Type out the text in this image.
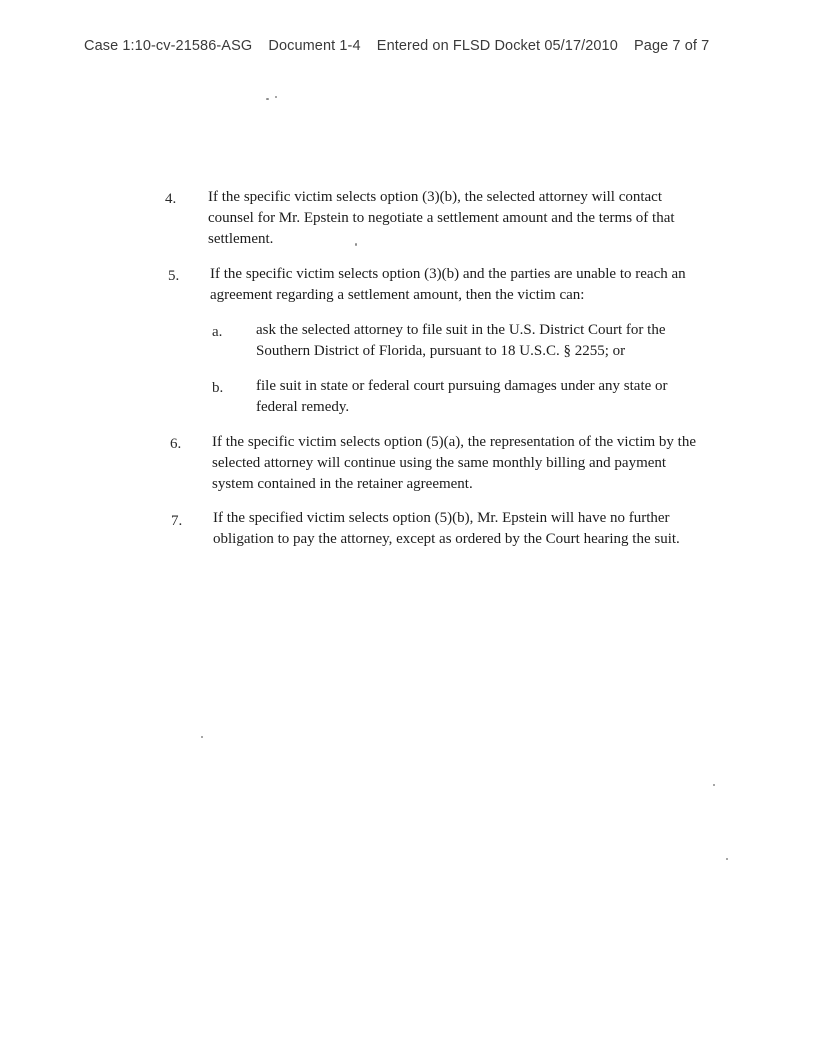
Case 1:10-cv-21586-ASG Document 1-4 Entered on FLSD Docket 05/17/2010 Page 7 of 7
4. If the specific victim selects option (3)(b), the selected attorney will contact counsel for Mr. Epstein to negotiate a settlement amount and the terms of that settlement.
5. If the specific victim selects option (3)(b) and the parties are unable to reach an agreement regarding a settlement amount, then the victim can:
a. ask the selected attorney to file suit in the U.S. District Court for the Southern District of Florida, pursuant to 18 U.S.C. § 2255; or
b. file suit in state or federal court pursuing damages under any state or federal remedy.
6. If the specific victim selects option (5)(a), the representation of the victim by the selected attorney will continue using the same monthly billing and payment system contained in the retainer agreement.
7. If the specified victim selects option (5)(b), Mr. Epstein will have no further obligation to pay the attorney, except as ordered by the Court hearing the suit.
